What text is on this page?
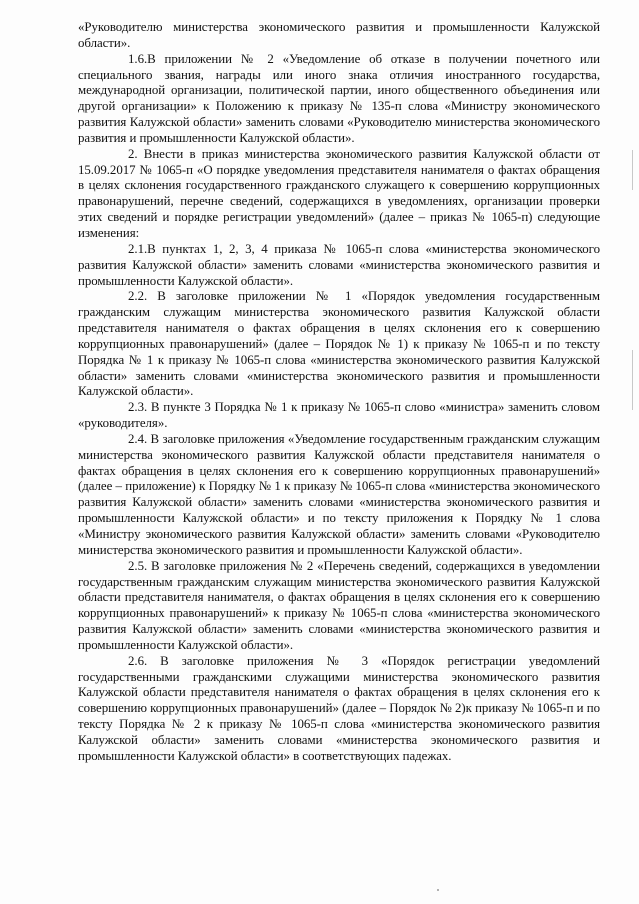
«Руководителю министерства экономического развития и промышленности Калужской области».

1.6.В приложении № 2 «Уведомление об отказе в получении почетного или специального звания, награды или иного знака отличия иностранного государства, международной организации, политической партии, иного общественного объединения или другой организации» к Положению к приказу № 135-п слова «Министру экономического развития Калужской области» заменить словами «Руководителю министерства экономического развития и промышленности Калужской области».

2. Внести в приказ министерства экономического развития Калужской области от 15.09.2017 № 1065-п «О порядке уведомления представителя нанимателя о фактах обращения в целях склонения государственного гражданского служащего к совершению коррупционных правонарушений, перечне сведений, содержащихся в уведомлениях, организации проверки этих сведений и порядке регистрации уведомлений» (далее – приказ № 1065-п) следующие изменения:

2.1.В пунктах 1, 2, 3, 4 приказа № 1065-п слова «министерства экономического развития Калужской области» заменить словами «министерства экономического развития и промышленности Калужской области».

2.2. В заголовке приложении № 1 «Порядок уведомления государственным гражданским служащим министерства экономического развития Калужской области представителя нанимателя о фактах обращения в целях склонения его к совершению коррупционных правонарушений» (далее – Порядок № 1) к приказу № 1065-п и по тексту Порядка № 1 к приказу № 1065-п слова «министерства экономического развития Калужской области» заменить словами «министерства экономического развития и промышленности Калужской области».

2.3. В пункте 3 Порядка № 1 к приказу № 1065-п слово «министра» заменить словом «руководителя».

2.4. В заголовке приложения «Уведомление государственным гражданским служащим министерства экономического развития Калужской области представителя нанимателя о фактах обращения в целях склонения его к совершению коррупционных правонарушений» (далее – приложение) к Порядку № 1 к приказу № 1065-п слова «министерства экономического развития Калужской области» заменить словами «министерства экономического развития и промышленности Калужской области» и по тексту приложения к Порядку № 1 слова «Министру экономического развития Калужской области» заменить словами «Руководителю министерства экономического развития и промышленности Калужской области».

2.5. В заголовке приложения № 2 «Перечень сведений, содержащихся в уведомлении государственным гражданским служащим министерства экономического развития Калужской области представителя нанимателя, о фактах обращения в целях склонения его к совершению коррупционных правонарушений» к приказу № 1065-п слова «министерства экономического развития Калужской области» заменить словами «министерства экономического развития и промышленности Калужской области».

2.6. В заголовке приложения № 3 «Порядок регистрации уведомлений государственными гражданскими служащими министерства экономического развития Калужской области представителя нанимателя о фактах обращения в целях склонения его к совершению коррупционных правонарушений» (далее – Порядок № 2)к приказу № 1065-п и по тексту Порядка № 2 к приказу № 1065-п слова «министерства экономического развития Калужской области» заменить словами «министерства экономического развития и промышленности Калужской области» в соответствующих падежах.
